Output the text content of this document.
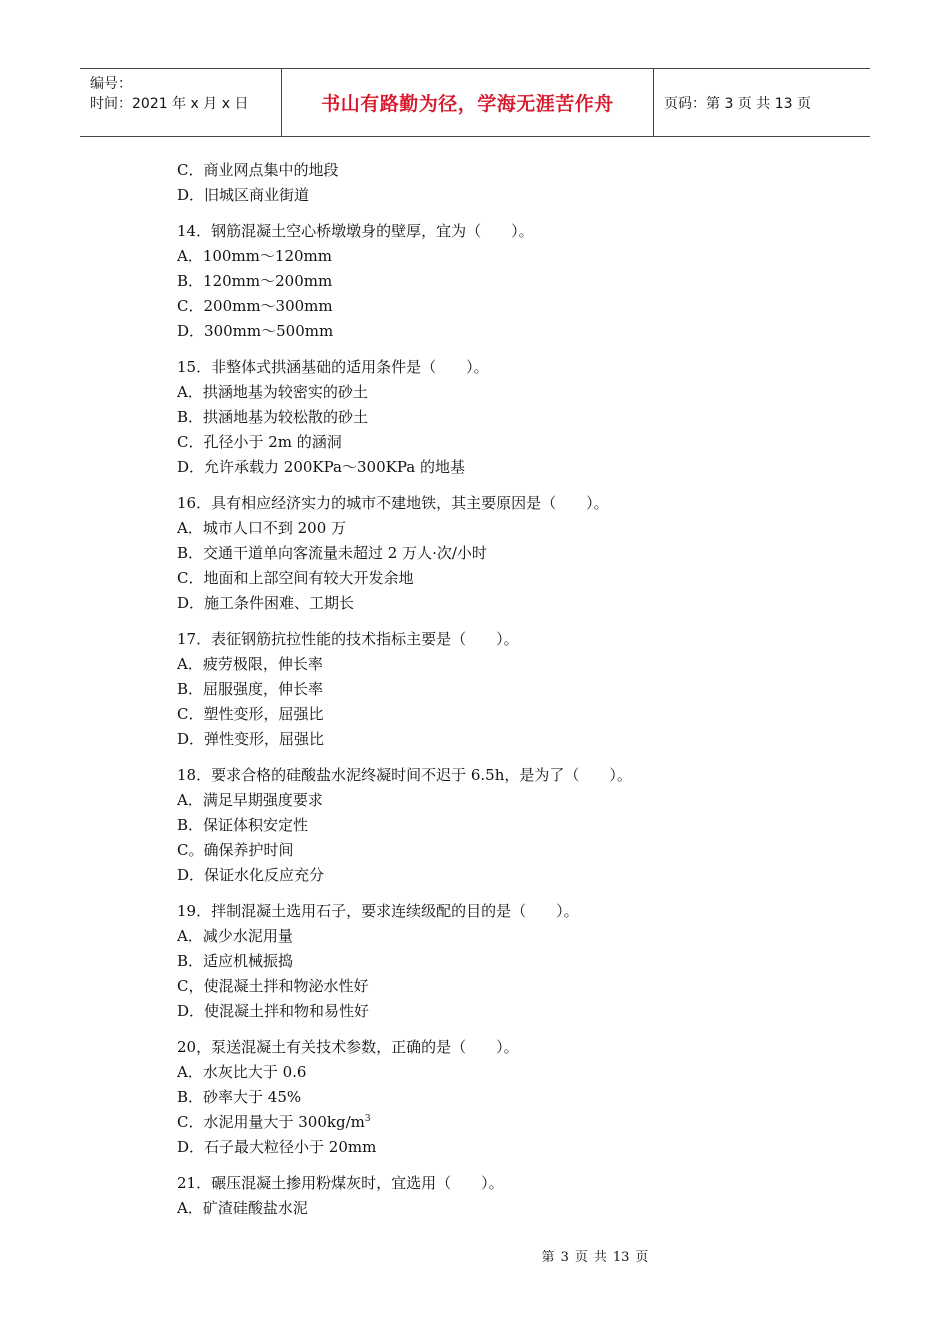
编号：
时间：2021 年 x 月 x 日	书山有路勤为径，学海无涯苦作舟	页码：第 3 页 共 13 页
C．商业网点集中的地段
D．旧城区商业街道
14．钢筋混凝土空心桥墩墩身的壁厚，宜为（　　）。
A．100mm～120mm
B．120mm～200mm
C．200mm～300mm
D．300mm～500mm
15．非整体式拱涵基础的适用条件是（　　）。
A．拱涵地基为较密实的砂土
B．拱涵地基为较松散的砂土
C．孔径小于 2m 的涵洞
D．允许承载力 200KPa～300KPa 的地基
16．具有相应经济实力的城市不建地铁，其主要原因是（　　）。
A．城市人口不到 200 万
B．交通干道单向客流量未超过 2 万人·次/小时
C．地面和上部空间有较大开发余地
D．施工条件困难、工期长
17．表征钢筋抗拉性能的技术指标主要是（　　）。
A．疲劳极限，伸长率
B．屈服强度，伸长率
C．塑性变形，屈强比
D．弹性变形，屈强比
18．要求合格的硅酸盐水泥终凝时间不迟于 6.5h，是为了（　　）。
A．满足早期强度要求
B．保证体积安定性
C。确保养护时间
D．保证水化反应充分
19．拌制混凝土选用石子，要求连续级配的目的是（　　）。
A．减少水泥用量
B．适应机械振捣
C，使混凝土拌和物泌水性好
D．使混凝土拌和物和易性好
20，泵送混凝土有关技术参数，正确的是（　　）。
A．水灰比大于 0.6
B．砂率大于 45%
C．水泥用量大于 $300kg/m^3$
D．石子最大粒径小于 20mm
21．碾压混凝土掺用粉煤灰时，宜选用（　　）。
A．矿渣硅酸盐水泥
第 3 页 共 13 页
